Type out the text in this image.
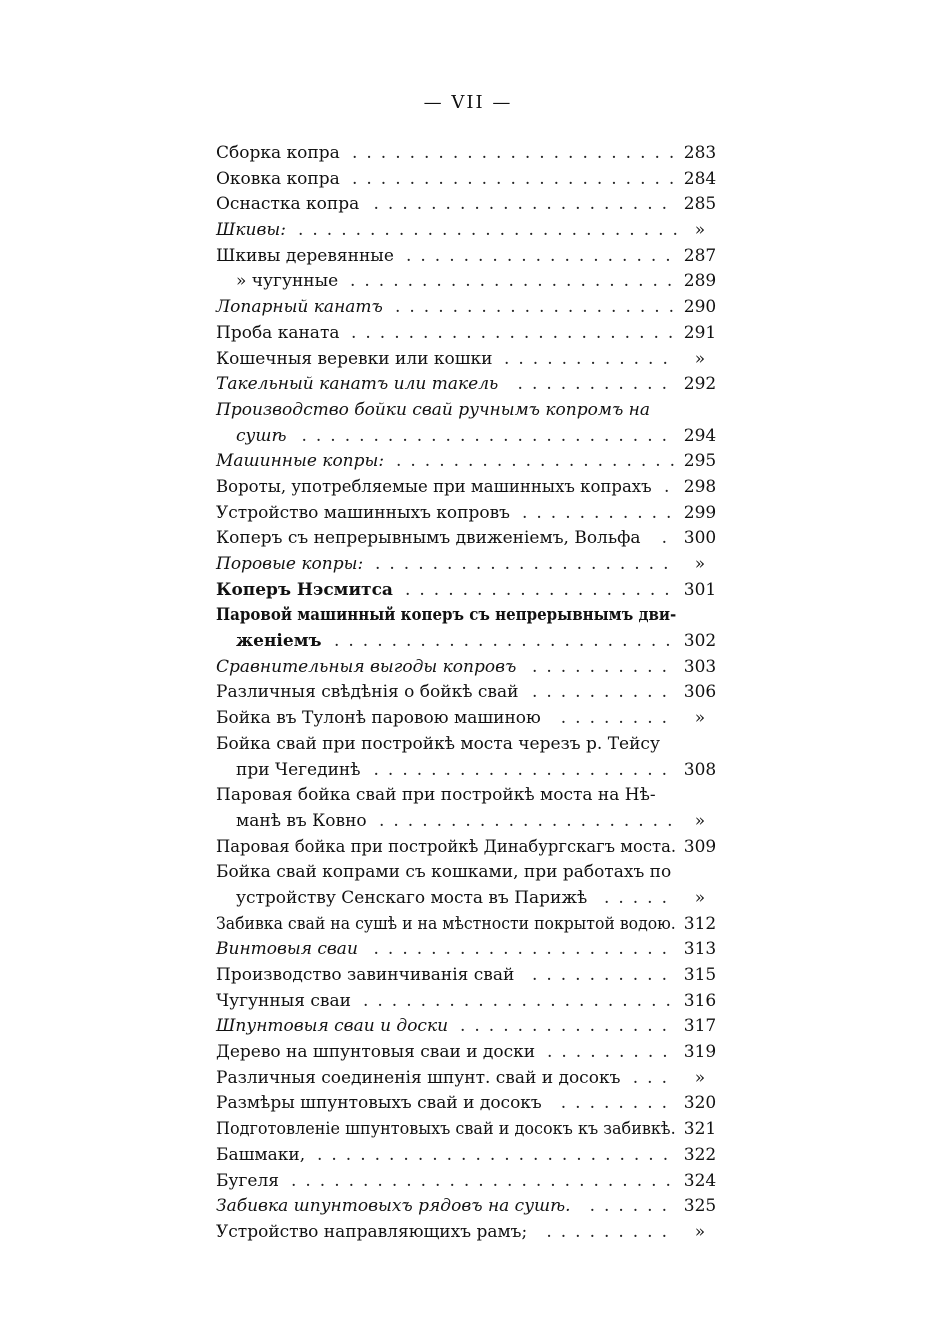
— VII —
Сборка копра ....................... 283
Оковка копра ....................... 284
Оснастка копра ..................... 285
Шкивы: ........................... »
Шкивы деревянные ................... 287
» чугунные ....................... 289
Лопарный канатъ .................... 290
Проба каната ....................... 291
Кошечныя веревки или кошки ............	»
Такельный канатъ или такель	........... 292
Производство бойки свай ручнымъ копромъ на
сушѣ .......................... 294
Машинные копры: .................... 295
Вороты, употребляемые при машинныхъ копрахъ . 298
Устройство машинныхъ копровъ ........... 299
Коперъ съ непрерывнымъ движеніемъ, Вольфа	. 300
Поровые копры: .....................	»
Коперъ Нэсмитса ................... 301
Паровой машинный коперъ съ непрерывнымъ дви-
женіемъ ........................ 302
Сравнительныя выгоды копровъ .......... 303
Различныя свѣдѣнія о бойкѣ свай .......... 306
Бойка въ Тулонѣ паровою машиною	........	»
Бойка свай при постройкѣ моста черезъ р. Тейсу
при Чегединѣ ..................... 308
Паровая бойка свай при постройкѣ моста на Нѣ-
манѣ въ Ковно ..................... »
Паровая бойка при постройкѣ Динабургскагъ моста. 309
Бойка свай копрами съ кошками, при работахъ по
устройству Сенскаго моста въ Парижѣ .....	»
Забивка свай на сушѣ и на мѣстности покрытой водою. 312
Винтовыя сваи ..................... 313
Производство завинчиванія свай	.......... 315
Чугунныя сваи ...................... 316
Шпунтовыя сваи и доски ............... 317
Дерево на шпунтовыя сваи и доски ......... 319
Различныя соединенія шпунт. свай и досокъ ...	»
Размѣры шпунтовыхъ свай и досокъ	........ 320
Подготовленіе шпунтовыхъ свай и досокъ къ забивкѣ. 321
Башмаки, ......................... 322
Бугеля ........................... 324
Забивка шпунтовыхъ рядовъ на сушѣ.	...... 325
Устройство направляющихъ рамъ;	.........	»
